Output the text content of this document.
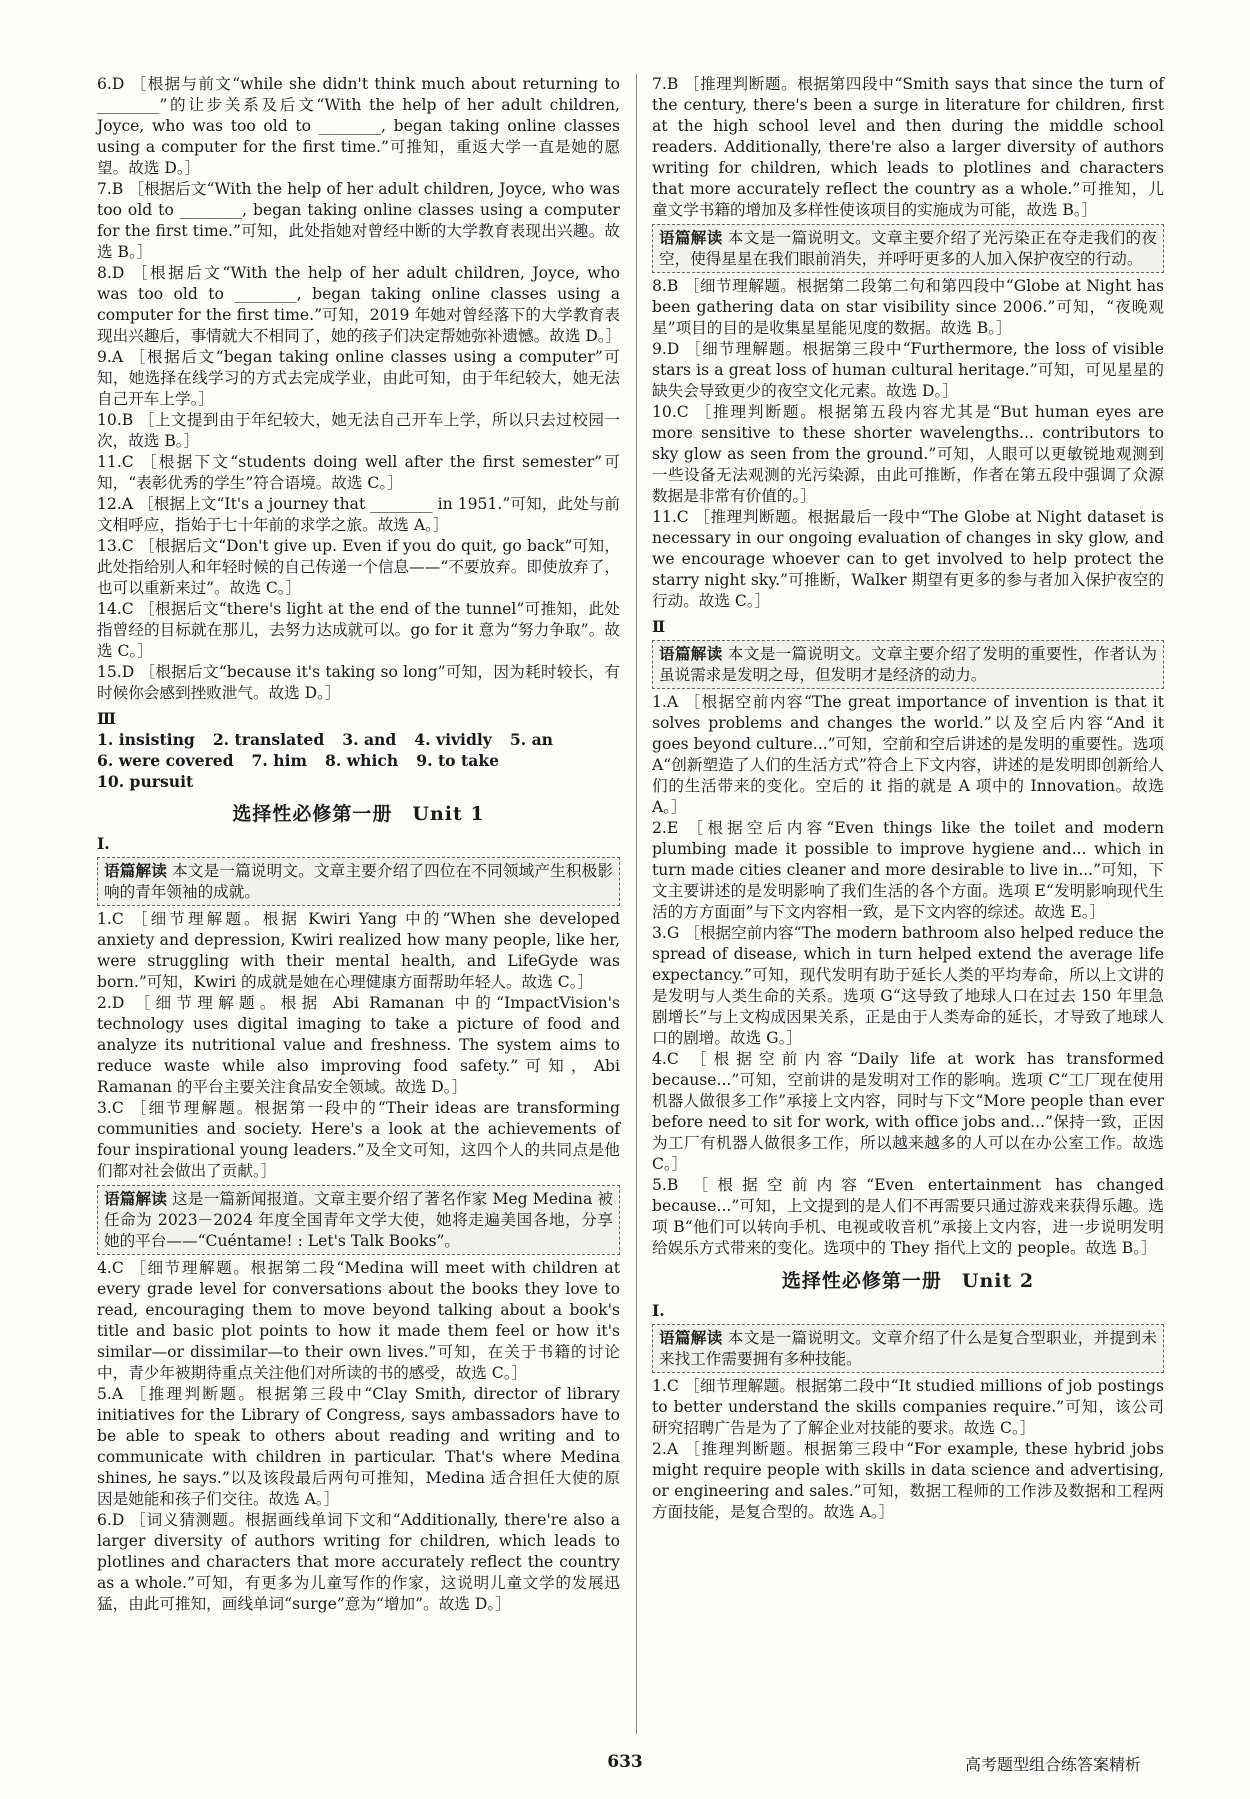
6.D ［根据与前文“while she didn't think much about returning to ________”的让步关系及后文“With the help of her adult children, Joyce, who was too old to ________, began taking online classes using a computer for the first time.”可推知，重返大学一直是她的愿望。故选 D。］
7.B ［根据后文“With the help of her adult children, Joyce, who was too old to ________, began taking online classes using a computer for the first time.”可知，此处指她对曾经中断的大学教育表现出兴趣。故选 B。］
8.D ［根据后文“With the help of her adult children, Joyce, who was too old to ________, began taking online classes using a computer for the first time.”可知，2019 年她对曾经落下的大学教育表现出兴趣后，事情就大不相同了，她的孩子们决定帮她弥补遗憾。故选 D。］
9.A ［根据后文“began taking online classes using a computer”可知，她选择在线学习的方式去完成学业，由此可知，由于年纪较大，她无法自己开车上学。］
10.B ［上文提到由于年纪较大，她无法自己开车上学，所以只去过校园一次，故选 B。］
11.C ［根据下文“students doing well after the first semester”可知，“表彰优秀的学生”符合语境。故选 C。］
12.A ［根据上文“It's a journey that ________ in 1951.”可知，此处与前文相呼应，指始于七十年前的求学之旅。故选 A。］
13.C ［根据后文“Don't give up. Even if you do quit, go back”可知，此处指给别人和年轻时候的自己传递一个信息——“不要放弃。即使放弃了，也可以重新来过”。故选 C。］
14.C ［根据后文“there's light at the end of the tunnel”可推知，此处指曾经的目标就在那儿，去努力达成就可以。go for it 意为“努力争取”。故选 C。］
15.D ［根据后文“because it's taking so long”可知，因为耗时较长，有时候你会感到挫败泄气。故选 D。］
Ⅲ
1. insisting 2. translated 3. and 4. vividly 5. an
6. were covered 7. him 8. which 9. to take
10. pursuit
选择性必修第一册　Unit 1
Ⅰ.
语篇解读 本文是一篇说明文。文章主要介绍了四位在不同领域产生积极影响的青年领袖的成就。
1.C ［细节理解题。根据 Kwiri Yang 中的“When she developed anxiety and depression, Kwiri realized how many people, like her, were struggling with their mental health, and LifeGyde was born.”可知，Kwiri 的成就是她在心理健康方面帮助年轻人。故选 C。］
2.D ［细节理解题。根据 Abi Ramanan 中的“ImpactVision's technology uses digital imaging to take a picture of food and analyze its nutritional value and freshness. The system aims to reduce waste while also improving food safety.”可知，Abi Ramanan 的平台主要关注食品安全领域。故选 D。］
3.C ［细节理解题。根据第一段中的“Their ideas are transforming communities and society. Here's a look at the achievements of four inspirational young leaders.”及全文可知，这四个人的共同点是他们都对社会做出了贡献。］
语篇解读 这是一篇新闻报道。文章主要介绍了著名作家 Meg Medina 被任命为 2023－2024 年度全国青年文学大使，她将走遍美国各地，分享她的平台——“Cuéntame! : Let's Talk Books”。
4.C ［细节理解题。根据第二段“Medina will meet with children at every grade level for conversations about the books they love to read, encouraging them to move beyond talking about a book's title and basic plot points to how it made them feel or how it's similar—or dissimilar—to their own lives.”可知，在关于书籍的讨论中，青少年被期待重点关注他们对所读的书的感受，故选 C。］
5.A ［推理判断题。根据第三段中“Clay Smith, director of library initiatives for the Library of Congress, says ambassadors have to be able to speak to others about reading and writing and to communicate with children in particular. That's where Medina shines, he says.”以及该段最后两句可推知，Medina 适合担任大使的原因是她能和孩子们交往。故选 A。］
6.D ［词义猜测题。根据画线单词下文和“Additionally, there're also a larger diversity of authors writing for children, which leads to plotlines and characters that more accurately reflect the country as a whole.”可知，有更多为儿童写作的作家，这说明儿童文学的发展迅猛，由此可推知，画线单词“surge”意为“增加”。故选 D。］
7.B ［推理判断题。根据第四段中“Smith says that since the turn of the century, there's been a surge in literature for children, first at the high school level and then during the middle school readers. Additionally, there're also a larger diversity of authors writing for children, which leads to plotlines and characters that more accurately reflect the country as a whole.”可推知，儿童文学书籍的增加及多样性使该项目的实施成为可能，故选 B。］
语篇解读 本文是一篇说明文。文章主要介绍了光污染正在夺走我们的夜空，使得星星在我们眼前消失，并呼吁更多的人加入保护夜空的行动。
8.B ［细节理解题。根据第二段第二句和第四段中“Globe at Night has been gathering data on star visibility since 2006.”可知，“夜晚观星”项目的目的是收集星星能见度的数据。故选 B。］
9.D ［细节理解题。根据第三段中“Furthermore, the loss of visible stars is a great loss of human cultural heritage.”可知，可见星星的缺失会导致更少的夜空文化元素。故选 D。］
10.C ［推理判断题。根据第五段内容尤其是“But human eyes are more sensitive to these shorter wavelengths... contributors to sky glow as seen from the ground.”可知，人眼可以更敏锐地观测到一些设备无法观测的光污染源，由此可推断，作者在第五段中强调了众源数据是非常有价值的。］
11.C ［推理判断题。根据最后一段中“The Globe at Night dataset is necessary in our ongoing evaluation of changes in sky glow, and we encourage whoever can to get involved to help protect the starry night sky.”可推断，Walker 期望有更多的参与者加入保护夜空的行动。故选 C。］
Ⅱ
语篇解读 本文是一篇说明文。文章主要介绍了发明的重要性，作者认为虽说需求是发明之母，但发明才是经济的动力。
1.A ［根据空前内容“The great importance of invention is that it solves problems and changes the world.”以及空后内容“And it goes beyond culture...”可知，空前和空后讲述的是发明的重要性。选项 A“创新塑造了人们的生活方式”符合上下文内容，讲述的是发明即创新给人们的生活带来的变化。空后的 it 指的就是 A 项中的 Innovation。故选 A。］
2.E ［根据空后内容“Even things like the toilet and modern plumbing made it possible to improve hygiene and... which in turn made cities cleaner and more desirable to live in...”可知，下文主要讲述的是发明影响了我们生活的各个方面。选项 E“发明影响现代生活的方方面面”与下文内容相一致，是下文内容的综述。故选 E。］
3.G ［根据空前内容“The modern bathroom also helped reduce the spread of disease, which in turn helped extend the average life expectancy.”可知，现代发明有助于延长人类的平均寿命，所以上文讲的是发明与人类生命的关系。选项 G“这导致了地球人口在过去 150 年里急剧增长”与上文构成因果关系，正是由于人类寿命的延长，才导致了地球人口的剧增。故选 G。］
4.C ［根据空前内容“Daily life at work has transformed because...”可知，空前讲的是发明对工作的影响。选项 C“工厂现在使用机器人做很多工作”承接上文内容，同时与下文“More people than ever before need to sit for work, with office jobs and...”保持一致，正因为工厂有机器人做很多工作，所以越来越多的人可以在办公室工作。故选 C。］
5.B ［根据空前内容“Even entertainment has changed because...”可知，上文提到的是人们不再需要只通过游戏来获得乐趣。选项 B“他们可以转向手机、电视或收音机”承接上文内容，进一步说明发明给娱乐方式带来的变化。选项中的 They 指代上文的 people。故选 B。］
选择性必修第一册　Unit 2
Ⅰ.
语篇解读 本文是一篇说明文。文章介绍了什么是复合型职业，并提到未来找工作需要拥有多种技能。
1.C ［细节理解题。根据第二段中“It studied millions of job postings to better understand the skills companies require.”可知，该公司研究招聘广告是为了了解企业对技能的要求。故选 C。］
2.A ［推理判断题。根据第三段中“For example, these hybrid jobs might require people with skills in data science and advertising, or engineering and sales.”可知，数据工程师的工作涉及数据和工程两方面技能，是复合型的。故选 A。］
633	高考题型组合练答案精析
